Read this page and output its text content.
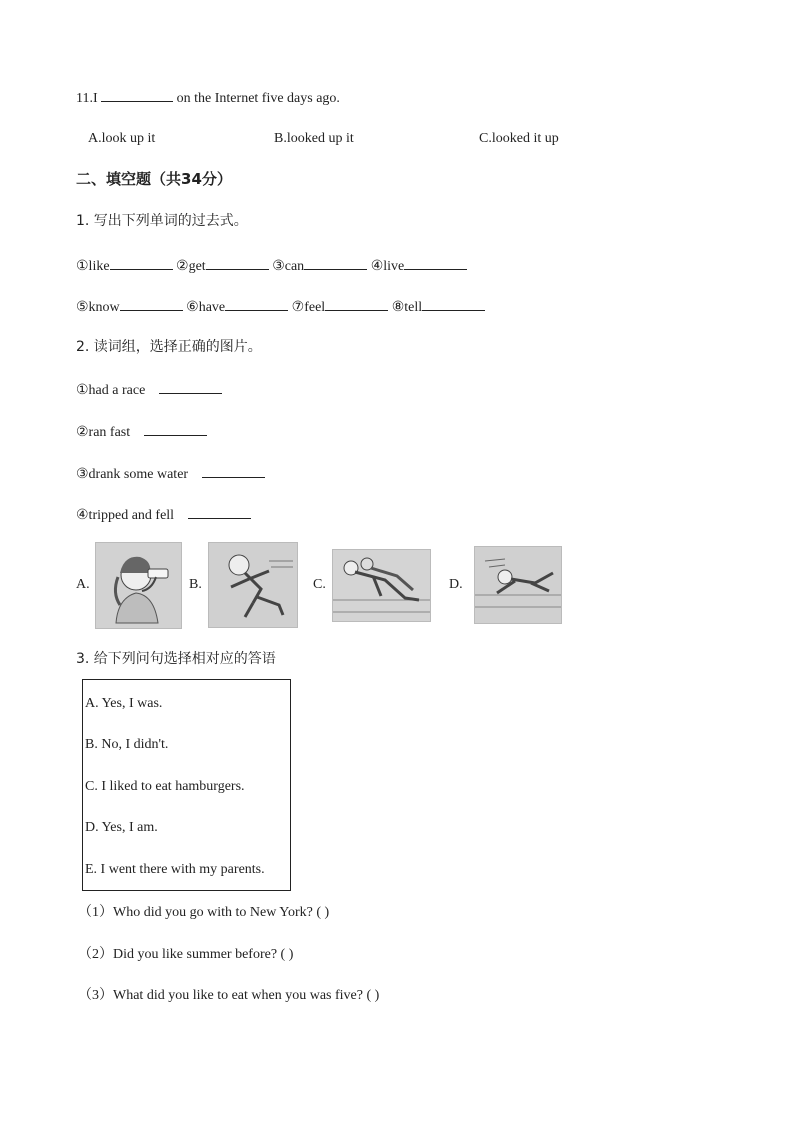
11.I	on the Internet five days ago.
A.look up it	B.looked up it	C.looked it up
二、填空题（共34分）
1. 写出下列单词的过去式。
①like	②get	③can	④live
⑤know	⑥have	⑦feel	⑧tell
2. 读词组，选择正确的图片。
①had a race
②ran fast
③drank some water
④tripped and fell
A.	B.	C.	D.
3. 给下列问句选择相对应的答语
A. Yes, I was.
B. No, I didn't.
C. I liked to eat hamburgers.
D. Yes, I am.
E. I went there with my parents.
（1）Who did you go with to New York? ( )
（2）Did you like summer before? ( )
（3）What did you like to eat when you was five? ( )
